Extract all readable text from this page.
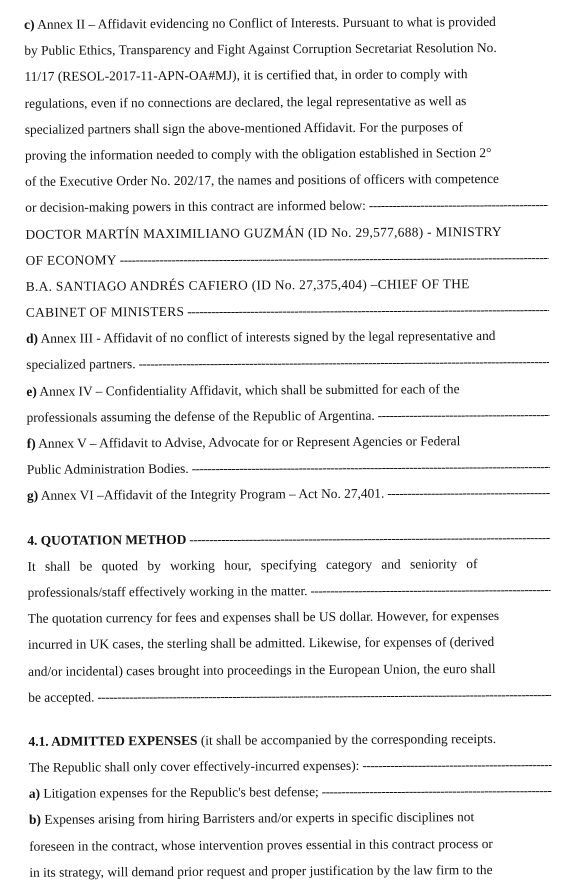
c) Annex II – Affidavit evidencing no Conflict of Interests. Pursuant to what is provided
by Public Ethics, Transparency and Fight Against Corruption Secretariat Resolution No.
11/17 (RESOL-2017-11-APN-OA#MJ), it is certified that, in order to comply with
regulations, even if no connections are declared, the legal representative as well as
specialized partners shall sign the above-mentioned Affidavit. For the purposes of
proving the information needed to comply with the obligation established in Section 2°
of the Executive Order No. 202/17, the names and positions of officers with competence
or decision-making powers in this contract are informed below:
-----
DOCTOR MARTÍN MAXIMILIANO GUZMÁN (ID No. 29,577,688) - MINISTRY
OF ECONOMY
-----
B.A. SANTIAGO ANDRÉS CAFIERO (ID No. 27,375,404) –CHIEF OF THE
CABINET OF MINISTERS
-----
d) Annex III - Affidavit of no conflict of interests signed by the legal representative and
specialized partners.
-----
e) Annex IV – Confidentiality Affidavit, which shall be submitted for each of the
professionals assuming the defense of the Republic of Argentina.
-----
f) Annex V – Affidavit to Advise, Advocate for or Represent Agencies or Federal
Public Administration Bodies.
-----
g) Annex VI –Affidavit of the Integrity Program – Act No. 27,401.
-----
4. QUOTATION METHOD
-----
It shall be quoted by working hour, specifying category and seniority of
professionals/staff effectively working in the matter.
-----
The quotation currency for fees and expenses shall be US dollar. However, for expenses
incurred in UK cases, the sterling shall be admitted. Likewise, for expenses of (derived
and/or incidental) cases brought into proceedings in the European Union, the euro shall
be accepted.
-----
4.1. ADMITTED EXPENSES (it shall be accompanied by the corresponding receipts.
The Republic shall only cover effectively-incurred expenses):
-----
a) Litigation expenses for the Republic's best defense;
-----
b) Expenses arising from hiring Barristers and/or experts in specific disciplines not
foreseen in the contract, whose intervention proves essential in this contract process or
in its strategy, will demand prior request and proper justification by the law firm to the
